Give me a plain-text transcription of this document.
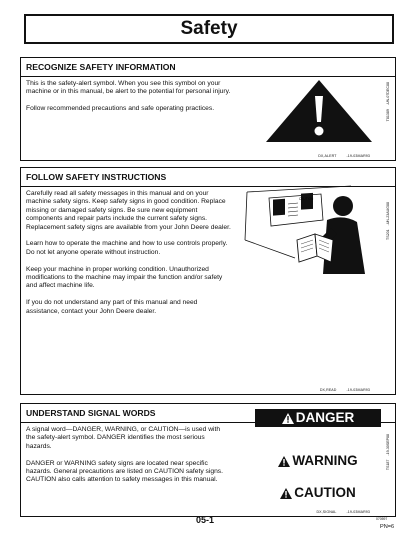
Safety
RECOGNIZE SAFETY INFORMATION

This is the safety-alert symbol. When you see this symbol on your machine or in this manual, be alert to the potential for personal injury.

Follow recommended precautions and safe operating practices.

T81389    -UN-07DEC88
DX,ALERT	-19-03MAR93
FOLLOW SAFETY INSTRUCTIONS

Carefully read all safety messages in this manual and on your machine safety signs. Keep safety signs in good condition. Replace missing or damaged safety signs. Be sure new equipment components and repair parts include the current safety signs. Replacement safety signs are available from your John Deere dealer.

Learn how to operate the machine and how to use controls properly. Do not let anyone operate without instruction.

Keep your machine in proper working condition. Unauthorized modifications to the machine may impair the function and/or safety and affect machine life.

If you do not understand any part of this manual and need assistance, contact your John Deere dealer.

CAUTION
TS201    -UN-23AUG88
DX,READ	-19-03MAR93
UNDERSTAND SIGNAL WORDS

A signal word—DANGER, WARNING, or CAUTION—is used with the safety-alert symbol. DANGER identifies the most serious hazards.

DANGER or WARNING safety signs are located near specific hazards. General precautions are listed on CAUTION safety signs. CAUTION also calls attention to safety messages in this manual.

DANGER
WARNING
CAUTION
TS187    -19-30SEP88
DX,SIGNAL	-19-03MAR93
05-1	070597
PN=6
